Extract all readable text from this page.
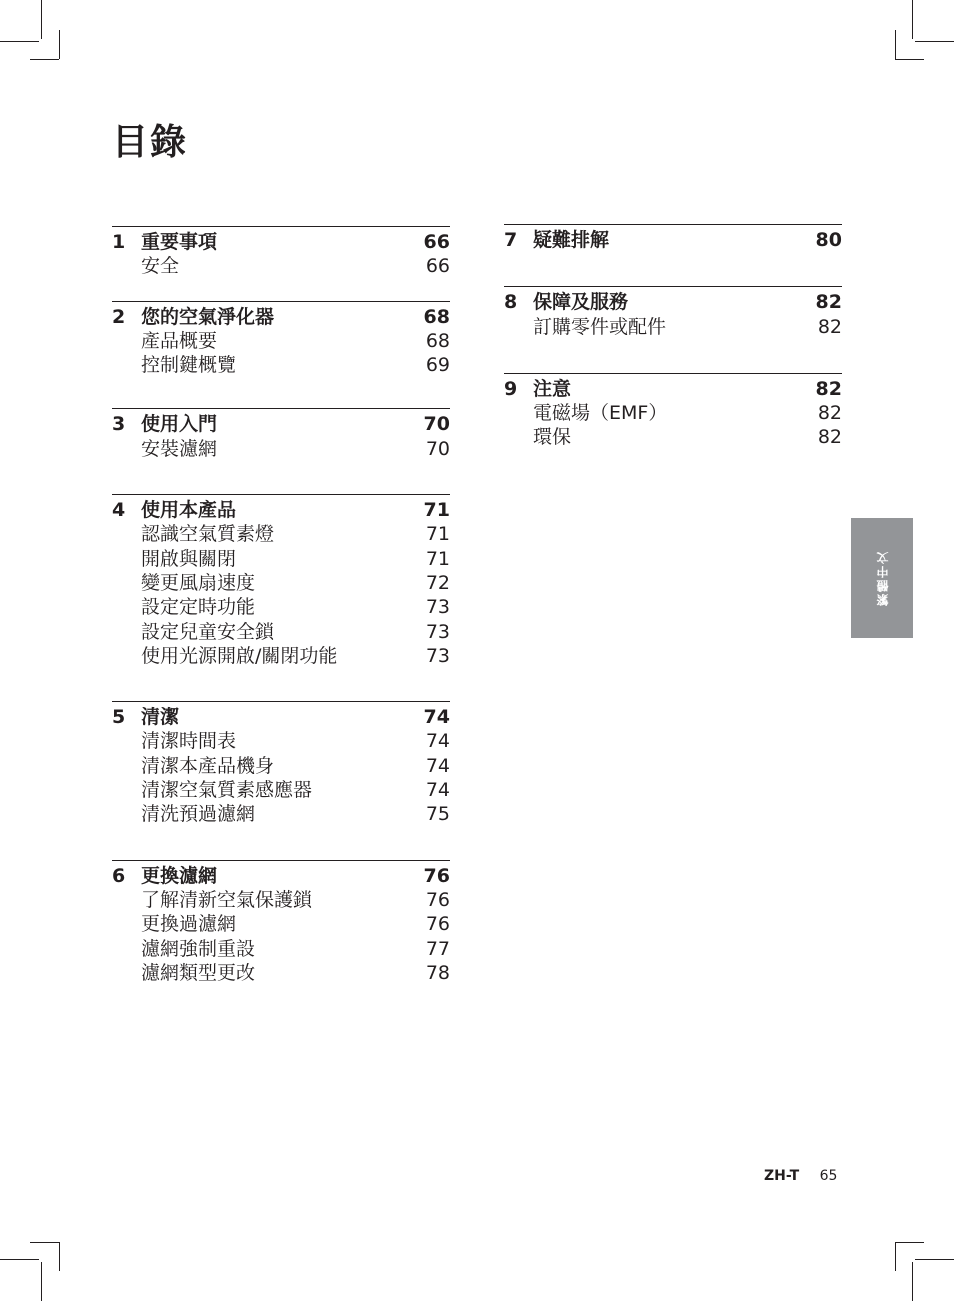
目錄
1 重要事項	66
安全	66
2 您的空氣淨化器	68
產品概要	68
控制鍵概覽	69
3 使用入門	70
安裝濾網	70
4 使用本產品	71
認識空氣質素燈	71
開啟與關閉	71
變更風扇速度	72
設定定時功能	73
設定兒童安全鎖	73
使用光源開啟/關閉功能	73
5 清潔	74
清潔時間表	74
清潔本產品機身	74
清潔空氣質素感應器	74
清洗預過濾網	75
6 更換濾網	76
了解清新空氣保護鎖	76
更換過濾網	76
濾網強制重設	77
濾網類型更改	78
7 疑難排解	80
8 保障及服務	82
訂購零件或配件	82
9 注意	82
電磁場（EMF）	82
環保	82
繁體中文
ZH-T 65
